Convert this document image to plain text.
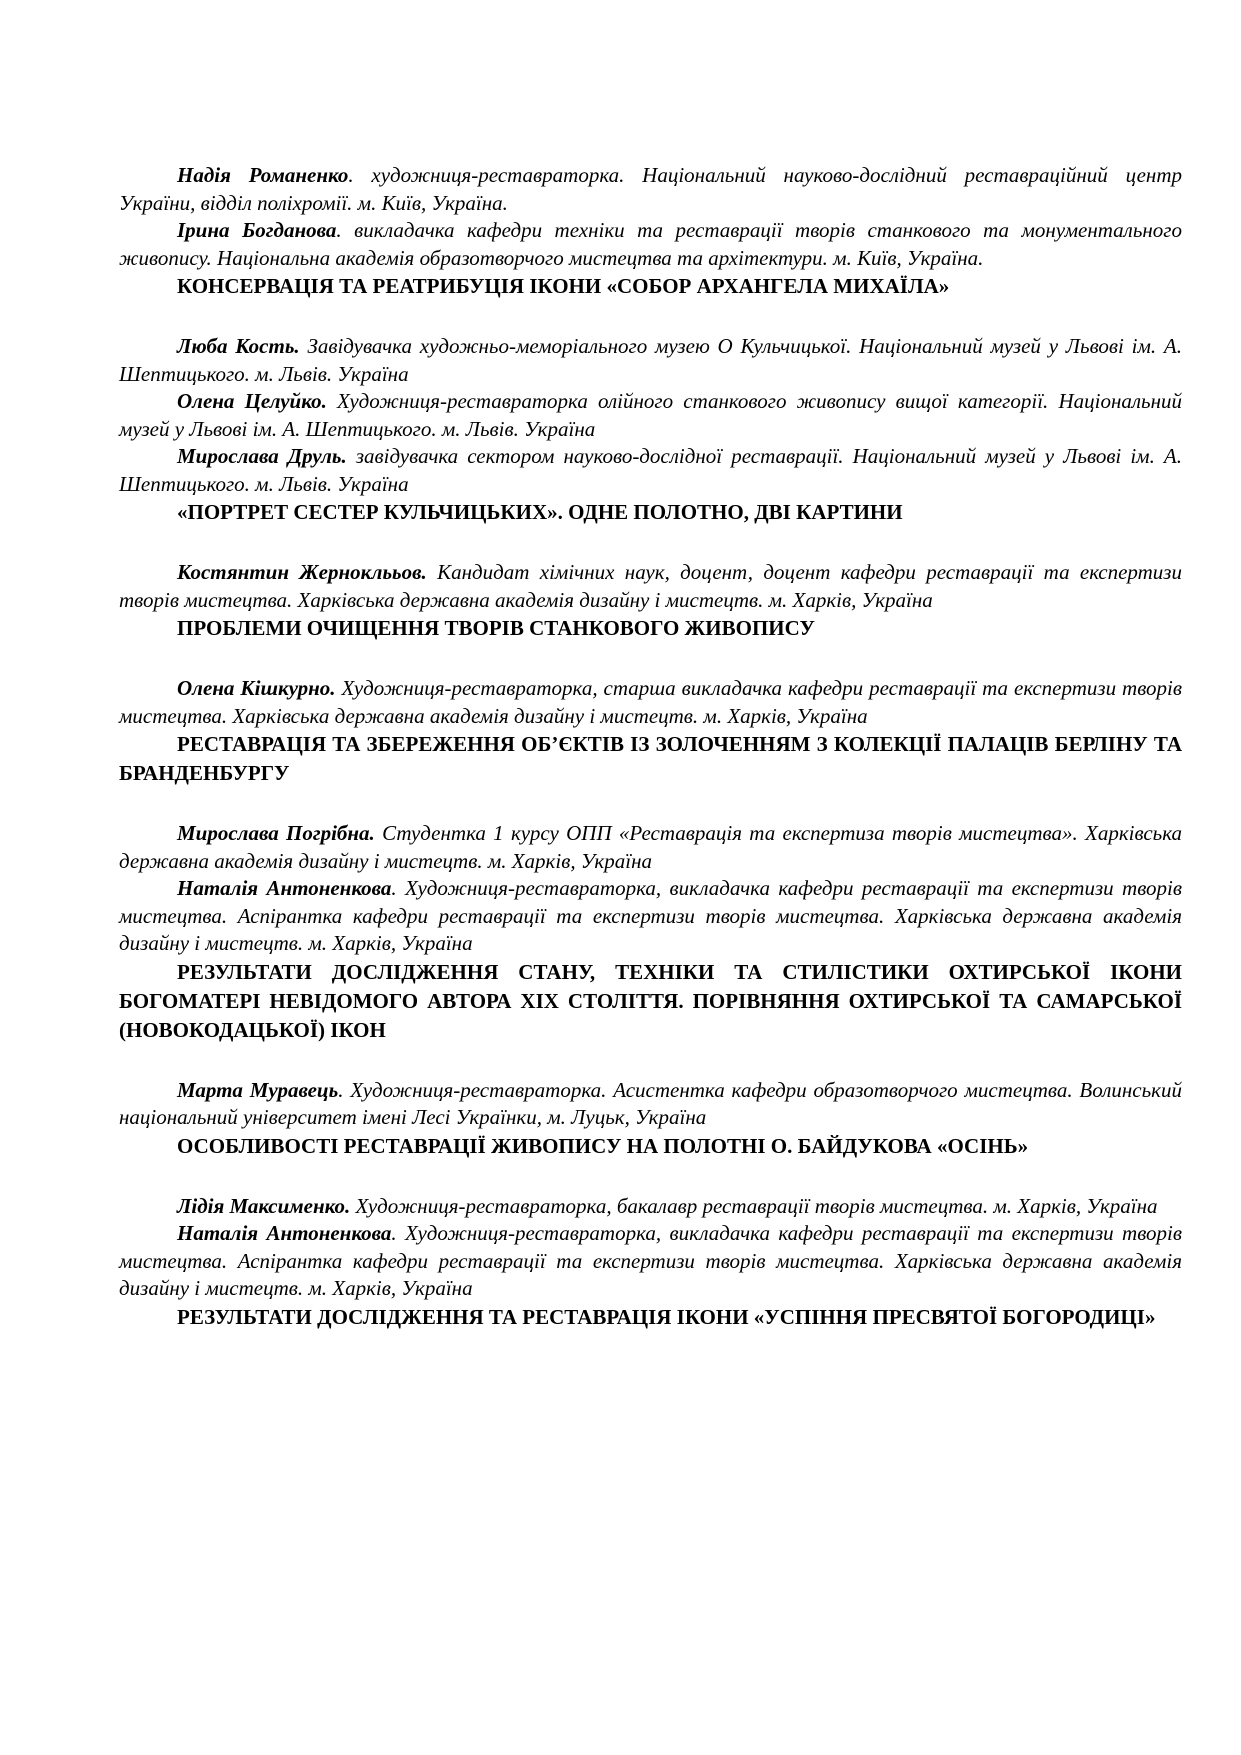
Надія Романенко. художниця-реставраторка. Національний науково-дослідний реставраційний центр України, відділ поліхромії. м. Київ, Україна.

Ірина Богданова. викладачка кафедри техніки та реставрації творів станкового та монументального живопису. Національна академія образотворчого мистецтва та архітектури. м. Київ, Україна.

КОНСЕРВАЦІЯ ТА РЕАТРИБУЦІЯ ІКОНИ «СОБОР АРХАНГЕЛА МИХАЇЛА»

Люба Кость. Завідувачка художньо-меморіального музею О Кульчицької. Національний музей у Львові ім. А. Шептицького. м. Львів. Україна

Олена Целуйко. Художниця-реставраторка олійного станкового живопису вищої категорії. Національний музей у Львові ім. А. Шептицького. м. Львів. Україна

Мирослава Друль. завідувачка сектором науково-дослідної реставрації. Національний музей у Львові ім. А. Шептицького. м. Львів. Україна

«ПОРТРЕТ СЕСТЕР КУЛЬЧИЦЬКИХ». ОДНЕ ПОЛОТНО, ДВІ КАРТИНИ

Костянтин Жерноклььов. Кандидат хімічних наук, доцент, доцент кафедри реставрації та експертизи творів мистецтва. Харківська державна академія дизайну і мистецтв. м. Харків, Україна

ПРОБЛЕМИ ОЧИЩЕННЯ ТВОРІВ СТАНКОВОГО ЖИВОПИСУ

Олена Кішкурно. Художниця-реставраторка, старша викладачка кафедри реставрації та експертизи творів мистецтва. Харківська державна академія дизайну і мистецтв. м. Харків, Україна

РЕСТАВРАЦІЯ ТА ЗБЕРЕЖЕННЯ ОБ’ЄКТІВ ІЗ ЗОЛОЧЕННЯМ З КОЛЕКЦІЇ ПАЛАЦІВ БЕРЛІНУ ТА БРАНДЕНБУРГУ

Мирослава Погрібна. Студентка 1 курсу ОПП «Реставрація та експертиза творів мистецтва». Харківська державна академія дизайну і мистецтв. м. Харків, Україна

Наталія Антоненкова. Художниця-реставраторка, викладачка кафедри реставрації та експертизи творів мистецтва. Аспірантка кафедри реставрації та експертизи творів мистецтва. Харківська державна академія дизайну і мистецтв. м. Харків, Україна

РЕЗУЛЬТАТИ ДОСЛІДЖЕННЯ СТАНУ, ТЕХНІКИ ТА СТИЛІСТИКИ ОХТИРСЬКОЇ ІКОНИ БОГОМАТЕРІ НЕВІДОМОГО АВТОРА XIX СТОЛІТТЯ. ПОРІВНЯННЯ ОХТИРСЬКОЇ ТА САМАРСЬКОЇ (НОВОКОДАЦЬКОЇ) ІКОН

Марта Муравець. Художниця-реставраторка. Асистентка кафедри образотворчого мистецтва. Волинський національний університет імені Лесі Українки, м. Луцьк, Україна

ОСОБЛИВОСТІ РЕСТАВРАЦІЇ ЖИВОПИСУ НА ПОЛОТНІ О. БАЙДУКОВА «ОСІНЬ»

Лідія Максименко. Художниця-реставраторка, бакалавр реставрації творів мистецтва. м. Харків, Україна

Наталія Антоненкова. Художниця-реставраторка, викладачка кафедри реставрації та експертизи творів мистецтва. Аспірантка кафедри реставрації та експертизи творів мистецтва. Харківська державна академія дизайну і мистецтв. м. Харків, Україна

РЕЗУЛЬТАТИ ДОСЛІДЖЕННЯ ТА РЕСТАВРАЦІЯ ІКОНИ «УСПІННЯ ПРЕСВЯТОЇ БОГОРОДИЦІ»
